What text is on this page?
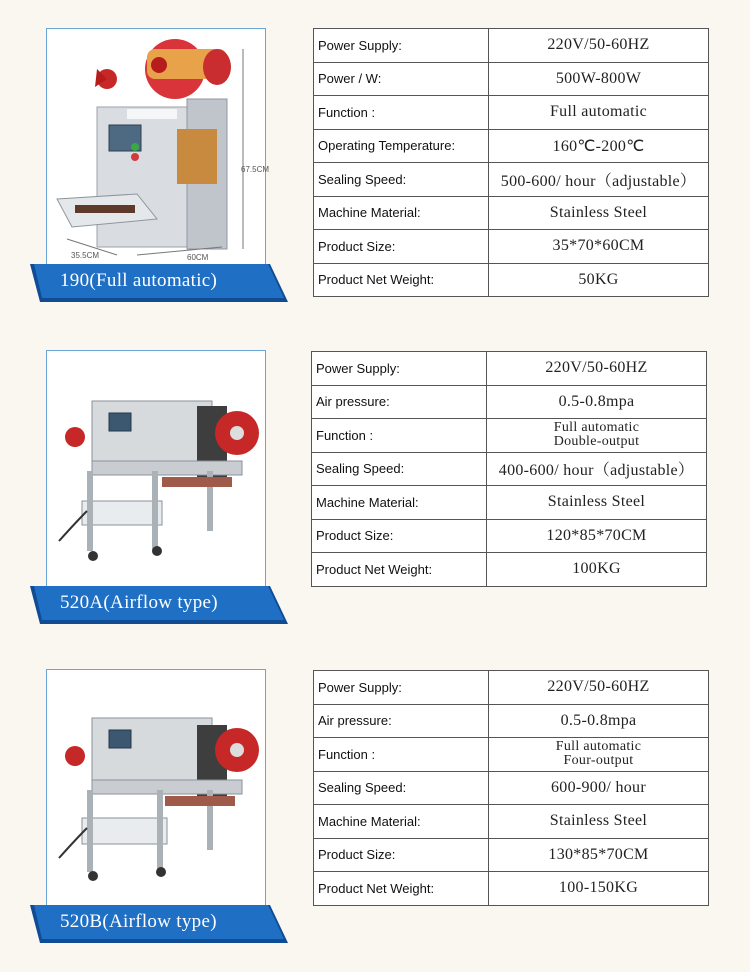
67.5CM
35.5CM	60CM
190(Full automatic)
Power Supply:	220V/50-60HZ
Power / W:	500W-800W
Function :	Full automatic
Operating Temperature:	160℃-200℃
Sealing Speed:	500-600/ hour（adjustable）
Machine Material:	Stainless Steel
Product Size:	35*70*60CM
Product Net Weight:	50KG
520A(Airflow type)
Power Supply:	220V/50-60HZ
Air pressure:	0.5-0.8mpa
Function :	Full automatic
Double-output

Sealing Speed:	400-600/ hour（adjustable）
Machine Material:	Stainless Steel
Product Size:	120*85*70CM
Product Net Weight:	100KG
520B(Airflow type)
Power Supply:	220V/50-60HZ
Air pressure:	0.5-0.8mpa
Function :	Full automatic
Four-output

Sealing Speed:	600-900/ hour
Machine Material:	Stainless Steel
Product Size:	130*85*70CM
Product Net Weight:	100-150KG
